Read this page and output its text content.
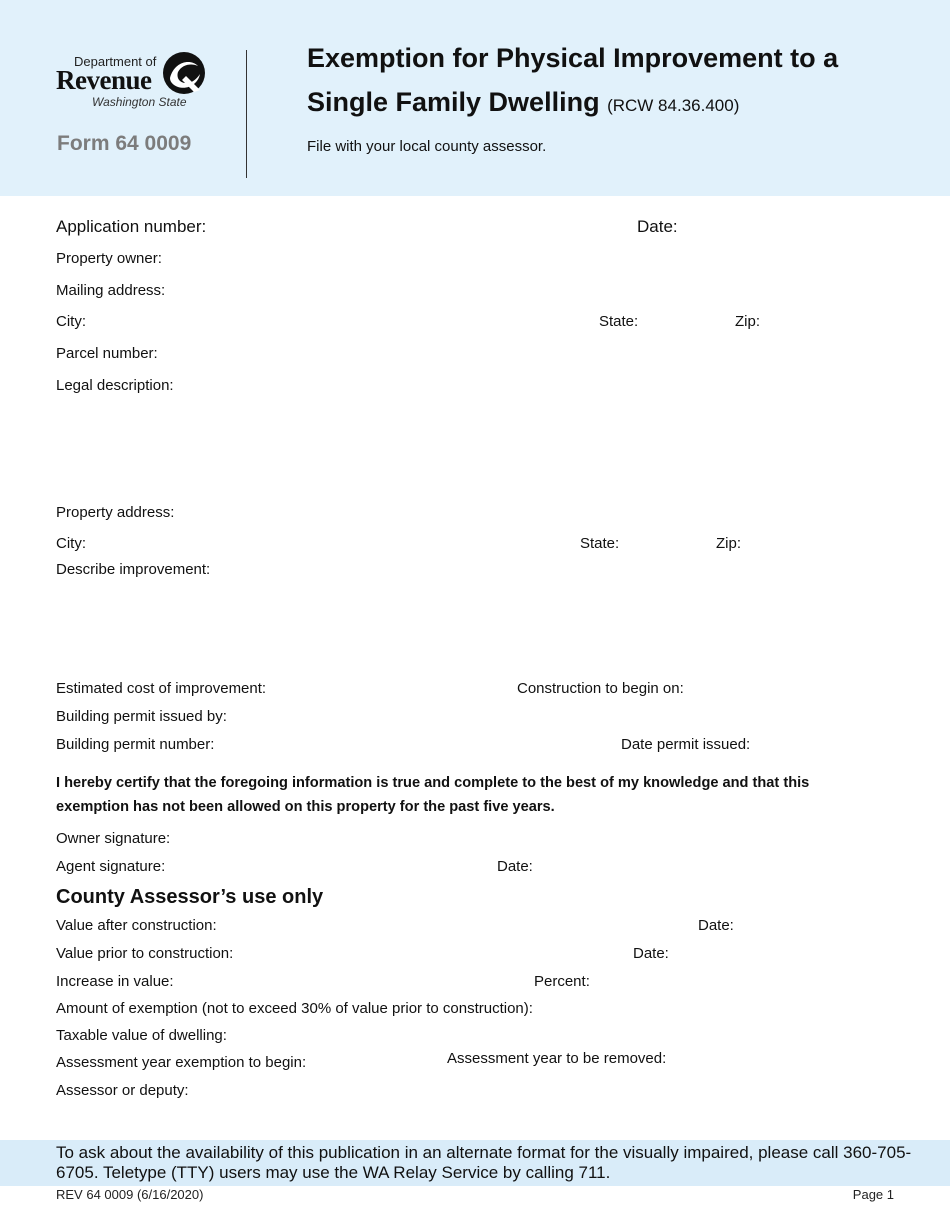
Department of
Revenue
Washington State
Form 64 0009
Exemption for Physical Improvement to a
Single Family Dwelling (RCW 84.36.400)
File with your local county assessor.
Application number:	Date:
Property owner:
Mailing address:
City:	State:	Zip:
Parcel number:
Legal description:
Property address:
City:	State:	Zip:
Describe improvement:
Estimated cost of improvement:	Construction to begin on:
Building permit issued by:
Building permit number:	Date permit issued:
I hereby certify that the foregoing information is true and complete to the best of my knowledge and that this exemption has not been allowed on this property for the past five years.
Owner signature:
Agent signature:	Date:
County Assessor’s use only
Value after construction:	Date:
Value prior to construction:	Date:
Increase in value:	Percent:
Amount of exemption (not to exceed 30% of value prior to construction):
Taxable value of dwelling:
Assessment year exemption to begin:	Assessment year to be removed:
Assessor or deputy:
To ask about the availability of this publication in an alternate format for the visually impaired, please call 360-705-6705. Teletype (TTY) users may use the WA Relay Service by calling 711.
REV 64 0009 (6/16/2020)	Page 1
